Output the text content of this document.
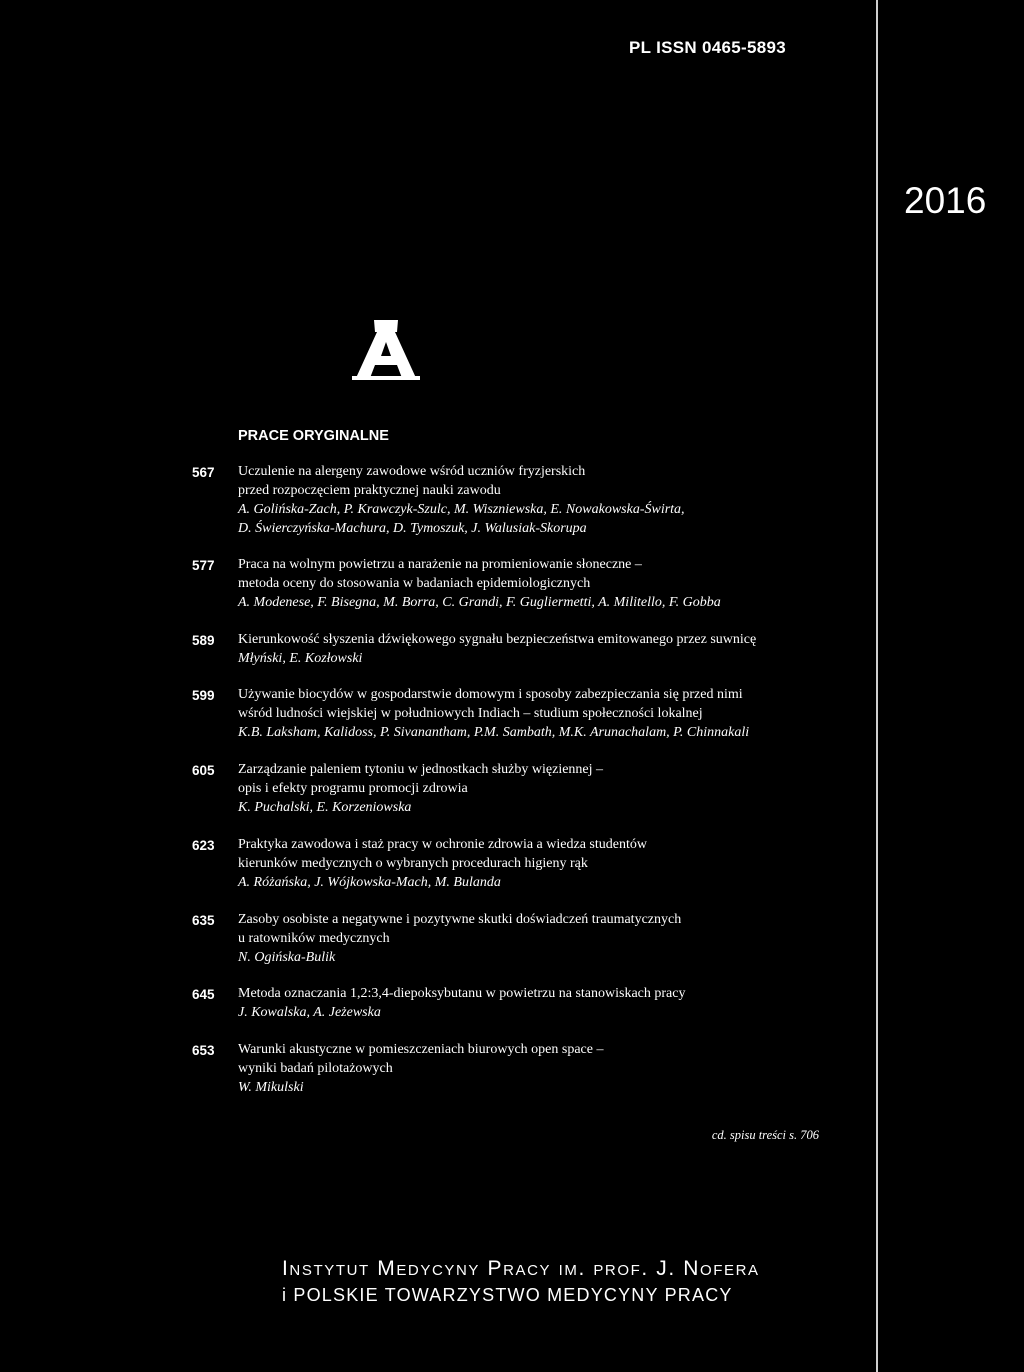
PL ISSN 0465-5893
2016
PRACE ORYGINALNE
567	Uczulenie na alergeny zawodowe wśród uczniów fryzjerskich
przed rozpoczęciem praktycznej nauki zawodu
A. Golińska-Zach, P. Krawczyk-Szulc, M. Wiszniewska, E. Nowakowska-Świrta,
D. Świerczyńska-Machura, D. Tymoszuk, J. Walusiak-Skorupa
577	Praca na wolnym powietrzu a narażenie na promieniowanie słoneczne –
metoda oceny do stosowania w badaniach epidemiologicznych
A. Modenese, F. Bisegna, M. Borra, C. Grandi, F. Gugliermetti, A. Militello, F. Gobba
589	Kierunkowość słyszenia dźwiękowego sygnału bezpieczeństwa emitowanego przez suwnicę
Młyński, E. Kozłowski
599	Używanie biocydów w gospodarstwie domowym i sposoby zabezpieczania się przed nimi
wśród ludności wiejskiej w południowych Indiach – studium społeczności lokalnej
K.B. Laksham, Kalidoss, P. Sivanantham, P.M. Sambath, M.K. Arunachalam, P. Chinnakali
605	Zarządzanie paleniem tytoniu w jednostkach służby więziennej –
opis i efekty programu promocji zdrowia
K. Puchalski, E. Korzeniowska
623	Praktyka zawodowa i staż pracy w ochronie zdrowia a wiedza studentów
kierunków medycznych o wybranych procedurach higieny rąk
A. Różańska, J. Wójkowska-Mach, M. Bulanda
635	Zasoby osobiste a negatywne i pozytywne skutki doświadczeń traumatycznych
u ratowników medycznych
N. Ogińska-Bulik
645	Metoda oznaczania 1,2:3,4-diepoksybutanu w powietrzu na stanowiskach pracy
J. Kowalska, A. Jeżewska
653	Warunki akustyczne w pomieszczeniach biurowych open space –
wyniki badań pilotażowych
W. Mikulski
cd. spisu treści s. 706
Instytut Medycyny Pracy im. prof. J. Nofera
i POLSKIE TOWARZYSTWO MEDYCYNY PRACY
